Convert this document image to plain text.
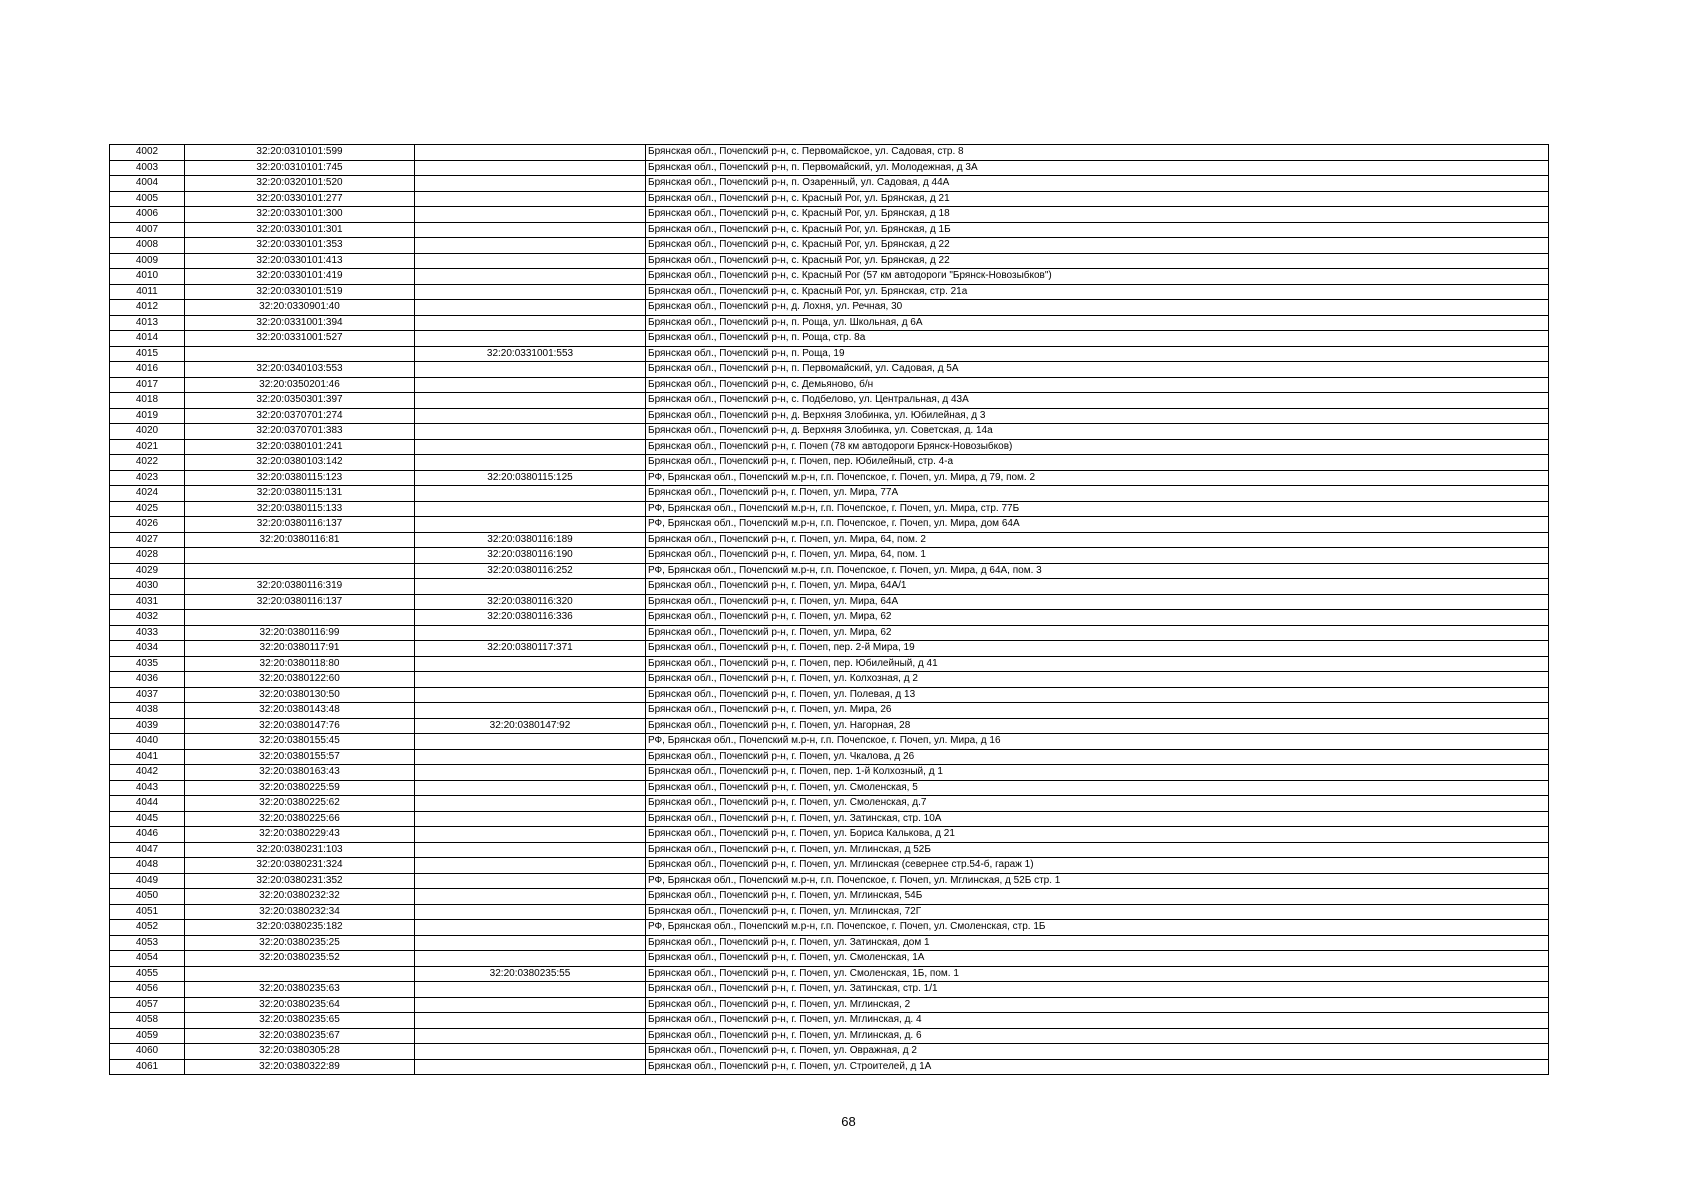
4002	32:20:0310101:599		Брянская обл., Почепский р-н, с. Первомайское, ул. Садовая, стр. 8
4003	32:20:0310101:745		Брянская обл., Почепский р-н, п. Первомайский, ул. Молодежная, д 3А
4004	32:20:0320101:520		Брянская обл., Почепский р-н, п. Озаренный, ул. Садовая, д 44А
4005	32:20:0330101:277		Брянская обл., Почепский р-н, с. Красный Рог, ул. Брянская, д 21
4006	32:20:0330101:300		Брянская обл., Почепский р-н, с. Красный Рог, ул. Брянская, д 18
4007	32:20:0330101:301		Брянская обл., Почепский р-н, с. Красный Рог, ул. Брянская, д 1Б
4008	32:20:0330101:353		Брянская обл., Почепский р-н, с. Красный Рог, ул. Брянская, д 22
4009	32:20:0330101:413		Брянская обл., Почепский р-н, с. Красный Рог, ул. Брянская, д 22
4010	32:20:0330101:419		Брянская обл., Почепский р-н, с. Красный Рог (57 км автодороги "Брянск-Новозыбков")
4011	32:20:0330101:519		Брянская обл., Почепский р-н, с. Красный Рог, ул. Брянская, стр. 21а
4012	32:20:0330901:40		Брянская обл., Почепский р-н, д. Лохня, ул. Речная, 30
4013	32:20:0331001:394		Брянская обл., Почепский р-н, п. Роща, ул. Школьная, д 6А
4014	32:20:0331001:527		Брянская обл., Почепский р-н, п. Роща, стр. 8а
4015		32:20:0331001:553	Брянская обл., Почепский р-н, п. Роща, 19
4016	32:20:0340103:553		Брянская обл., Почепский р-н, п. Первомайский, ул. Садовая, д 5А
4017	32:20:0350201:46		Брянская обл., Почепский р-н, с. Демьяново, б/н
4018	32:20:0350301:397		Брянская обл., Почепский р-н, с. Подбелово, ул. Центральная, д 43А
4019	32:20:0370701:274		Брянская обл., Почепский р-н, д. Верхняя Злобинка, ул. Юбилейная, д 3
4020	32:20:0370701:383		Брянская обл., Почепский р-н, д. Верхняя Злобинка, ул. Советская, д. 14а
4021	32:20:0380101:241		Брянская обл., Почепский р-н, г. Почеп (78 км автодороги Брянск-Новозыбков)
4022	32:20:0380103:142		Брянская обл., Почепский р-н, г. Почеп, пер. Юбилейный, стр. 4-а
4023	32:20:0380115:123	32:20:0380115:125	РФ, Брянская обл., Почепский м.р-н, г.п. Почепское, г. Почеп, ул. Мира, д 79, пом. 2
4024	32:20:0380115:131		Брянская обл., Почепский р-н, г. Почеп, ул. Мира, 77А
4025	32:20:0380115:133		РФ, Брянская обл., Почепский м.р-н, г.п. Почепское, г. Почеп, ул. Мира, стр. 77Б
4026	32:20:0380116:137		РФ, Брянская обл., Почепский м.р-н, г.п. Почепское, г. Почеп, ул. Мира, дом 64А
4027	32:20:0380116:81	32:20:0380116:189	Брянская обл., Почепский р-н, г. Почеп, ул. Мира, 64, пом. 2
4028		32:20:0380116:190	Брянская обл., Почепский р-н, г. Почеп, ул. Мира, 64, пом. 1
4029		32:20:0380116:252	РФ, Брянская обл., Почепский м.р-н, г.п. Почепское, г. Почеп, ул. Мира, д 64А, пом. 3
4030	32:20:0380116:319		Брянская обл., Почепский р-н, г. Почеп, ул. Мира, 64А/1
4031	32:20:0380116:137	32:20:0380116:320	Брянская обл., Почепский р-н, г. Почеп, ул. Мира, 64А
4032		32:20:0380116:336	Брянская обл., Почепский р-н, г. Почеп, ул. Мира, 62
4033	32:20:0380116:99		Брянская обл., Почепский р-н, г. Почеп, ул. Мира, 62
4034	32:20:0380117:91	32:20:0380117:371	Брянская обл., Почепский р-н, г. Почеп, пер. 2-й Мира, 19
4035	32:20:0380118:80		Брянская обл., Почепский р-н, г. Почеп, пер. Юбилейный, д 41
4036	32:20:0380122:60		Брянская обл., Почепский р-н, г. Почеп, ул. Колхозная, д 2
4037	32:20:0380130:50		Брянская обл., Почепский р-н, г. Почеп, ул. Полевая, д 13
4038	32:20:0380143:48		Брянская обл., Почепский р-н, г. Почеп, ул. Мира, 26
4039	32:20:0380147:76	32:20:0380147:92	Брянская обл., Почепский р-н, г. Почеп, ул. Нагорная, 28
4040	32:20:0380155:45		РФ, Брянская обл., Почепский м.р-н, г.п. Почепское, г. Почеп, ул. Мира, д 16
4041	32:20:0380155:57		Брянская обл., Почепский р-н, г. Почеп, ул. Чкалова, д 26
4042	32:20:0380163:43		Брянская обл., Почепский р-н, г. Почеп, пер. 1-й Колхозный, д 1
4043	32:20:0380225:59		Брянская обл., Почепский р-н, г. Почеп, ул. Смоленская, 5
4044	32:20:0380225:62		Брянская обл., Почепский р-н, г. Почеп, ул. Смоленская, д.7
4045	32:20:0380225:66		Брянская обл., Почепский р-н, г. Почеп, ул. Затинская, стр. 10А
4046	32:20:0380229:43		Брянская обл., Почепский р-н, г. Почеп, ул. Бориса Калькова, д 21
4047	32:20:0380231:103		Брянская обл., Почепский р-н, г. Почеп, ул. Мглинская, д 52Б
4048	32:20:0380231:324		Брянская обл., Почепский р-н, г. Почеп, ул. Мглинская (севернее стр.54-б, гараж 1)
4049	32:20:0380231:352		РФ, Брянская обл., Почепский м.р-н, г.п. Почепское, г. Почеп, ул. Мглинская, д 52Б стр. 1
4050	32:20:0380232:32		Брянская обл., Почепский р-н, г. Почеп, ул. Мглинская, 54Б
4051	32:20:0380232:34		Брянская обл., Почепский р-н, г. Почеп, ул. Мглинская, 72Г
4052	32:20:0380235:182		РФ, Брянская обл., Почепский м.р-н, г.п. Почепское, г. Почеп, ул. Смоленская, стр. 1Б
4053	32:20:0380235:25		Брянская обл., Почепский р-н, г. Почеп, ул. Затинская, дом 1
4054	32:20:0380235:52		Брянская обл., Почепский р-н, г. Почеп, ул. Смоленская, 1А
4055		32:20:0380235:55	Брянская обл., Почепский р-н, г. Почеп, ул. Смоленская, 1Б, пом. 1
4056	32:20:0380235:63		Брянская обл., Почепский р-н, г. Почеп, ул. Затинская, стр. 1/1
4057	32:20:0380235:64		Брянская обл., Почепский р-н, г. Почеп, ул. Мглинская, 2
4058	32:20:0380235:65		Брянская обл., Почепский р-н, г. Почеп, ул. Мглинская, д. 4
4059	32:20:0380235:67		Брянская обл., Почепский р-н, г. Почеп, ул. Мглинская, д. 6
4060	32:20:0380305:28		Брянская обл., Почепский р-н, г. Почеп, ул. Овражная, д 2
4061	32:20:0380322:89		Брянская обл., Почепский р-н, г. Почеп, ул. Строителей, д 1А
68
